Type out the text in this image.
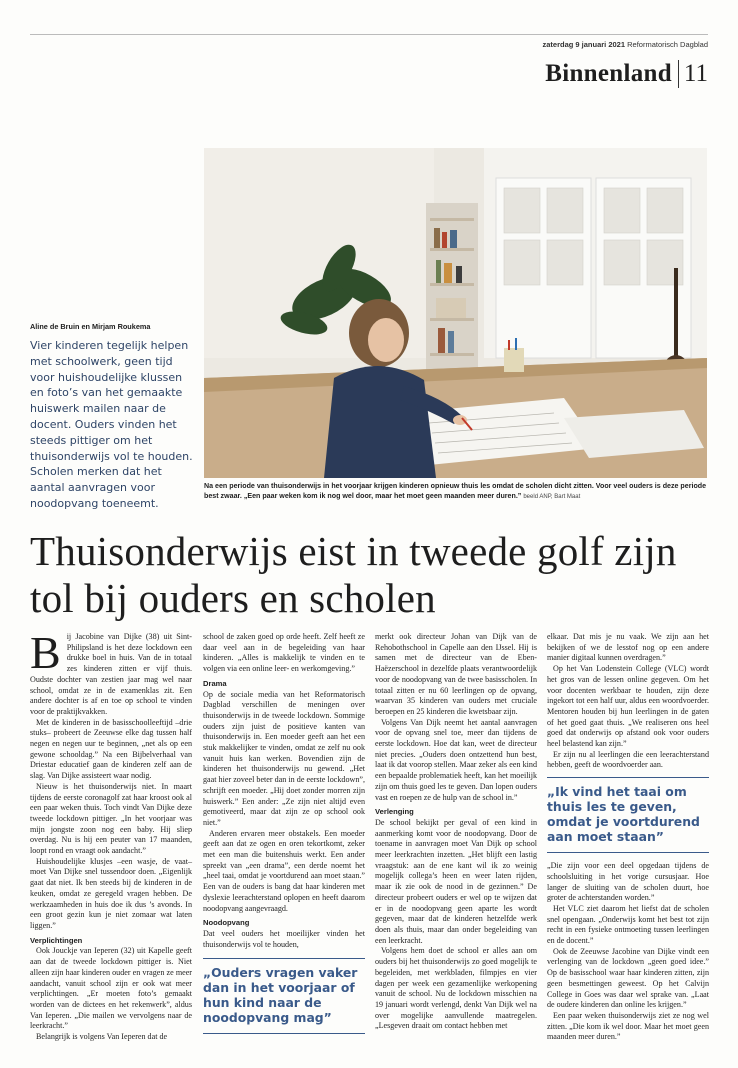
zaterdag 9 januari 2021 Reformatorisch Dagblad
Binnenland 11
Na een periode van thuisonderwijs in het voorjaar krijgen kinderen opnieuw thuis les omdat de scholen dicht zitten. Voor veel ouders is deze periode best zwaar. „Een paar weken kom ik nog wel door, maar het moet geen maanden meer duren.” beeld ANP, Bart Maat
Aline de Bruin en Mirjam Roukema
Vier kinderen tegelijk helpen met schoolwerk, geen tijd voor huishoudelijke klussen en foto’s van het gemaakte huiswerk mailen naar de docent. Ouders vinden het steeds pittiger om het thuisonderwijs vol te houden. Scholen merken dat het aantal aanvragen voor noodopvang toeneemt.
Thuisonderwijs eist in tweede golf zijn tol bij ouders en scholen

Bij Jacobine van Dijke (38) uit Sint-Philipsland is het deze lockdown een drukke boel in huis. Van de in totaal zes kinderen zitten er vijf thuis. Oudste dochter van zestien jaar mag wel naar school, omdat ze in de examenklas zit. Een andere dochter is af en toe op school te vinden voor de praktijkvakken.

Met de kinderen in de basisschoolleeftijd –drie stuks– probeert de Zeeuwse elke dag tussen half negen en negen uur te beginnen, „net als op een gewone schooldag.” Na een Bijbelverhaal van Driestar educatief gaan de kinderen zelf aan de slag. Van Dijke assisteert waar nodig.

Nieuw is het thuisonderwijs niet. In maart tijdens de eerste coronagolf zat haar kroost ook al een paar weken thuis. Toch vindt Van Dijke deze tweede lockdown pittiger. „In het voorjaar was mijn jongste zoon nog een baby. Hij sliep overdag. Nu is hij een peuter van 17 maanden, loopt rond en vraagt ook aandacht.”

Huishoudelijke klusjes –een wasje, de vaat– moet Van Dijke snel tussendoor doen. „Eigenlijk gaat dat niet. Ik ben steeds bij de kinderen in de keuken, omdat ze geregeld vragen hebben. De werkzaamheden in huis doe ik dus ’s avonds. In een groot gezin kun je niet zomaar wat laten liggen.”

Verplichtingen

Ook Jouckje van Ieperen (32) uit Kapelle geeft aan dat de tweede lockdown pittiger is. Niet alleen zijn haar kinderen ouder en vragen ze meer aandacht, vanuit school zijn er ook wat meer verplichtingen. „Er moeten foto’s gemaakt worden van de dictees en het rekenwerk”, aldus Van Ieperen. „Die mailen we vervolgens naar de leerkracht.”

Belangrijk is volgens Van Ieperen dat de

school de zaken goed op orde heeft. Zelf heeft ze daar veel aan in de begeleiding van haar kinderen. „Alles is makkelijk te vinden en te volgen via een online leer- en werkomgeving.”

Drama

Op de sociale media van het Reformatorisch Dagblad verschillen de meningen over thuisonderwijs in de tweede lockdown. Sommige ouders zijn juist de positieve kanten van thuisonderwijs in. Een moeder geeft aan het een stuk makkelijker te vinden, omdat ze zelf nu ook vanuit huis kan werken. Bovendien zijn de kinderen het thuisonderwijs nu gewend. „Het gaat hier zoveel beter dan in de eerste lockdown”, schrijft een moeder. „Hij doet zonder morren zijn huiswerk.” Een ander: „Ze zijn niet altijd even gemotiveerd, maar dat zijn ze op school ook niet.”

Anderen ervaren meer obstakels. Een moeder geeft aan dat ze ogen en oren tekortkomt, zeker met een man die buitenshuis werkt. Een ander spreekt van „een drama”, een derde noemt het „heel taai, omdat je voortdurend aan moet staan.” Een van de ouders is bang dat haar kinderen met dyslexie leerachterstand oplopen en heeft daarom noodopvang aangevraagd.

Noodopvang

Dat veel ouders het moeilijker vinden het thuisonderwijs vol te houden,

„Ouders vragen vaker dan in het voorjaar of hun kind naar de noodopvang mag”

merkt ook directeur Johan van Dijk van de Rehobothschool in Capelle aan den IJssel. Hij is samen met de directeur van de Eben-Haëzerschool in dezelfde plaats verantwoordelijk voor de noodopvang van de twee basisscholen. In totaal zitten er nu 60 leerlingen op de opvang, waarvan 35 kinderen van ouders met cruciale beroepen en 25 kinderen die kwetsbaar zijn.

Volgens Van Dijk neemt het aantal aanvragen voor de opvang snel toe, meer dan tijdens de eerste lockdown. Hoe dat kan, weet de directeur niet precies. „Ouders doen ontzettend hun best, laat ik dat voorop stellen. Maar zeker als een kind een bepaalde problematiek heeft, kan het moeilijk zijn om thuis goed les te geven. Dan lopen ouders vast en roepen ze de hulp van de school in.”

Verlenging

De school bekijkt per geval of een kind in aanmerking komt voor de noodopvang. Door de toename in aanvragen moet Van Dijk op school meer leerkrachten inzetten. „Het blijft een lastig vraagstuk: aan de ene kant wil ik zo weinig mogelijk collega’s heen en weer laten rijden, maar ik zie ook de nood in de gezinnen.” De directeur probeert ouders er wel op te wijzen dat er in de noodopvang geen aparte les wordt gegeven, maar dat de kinderen hetzelfde werk doen als thuis, maar dan onder begeleiding van een leerkracht.

Volgens hem doet de school er alles aan om ouders bij het thuisonderwijs zo goed mogelijk te begeleiden, met werkbladen, filmpjes en vier dagen per week een gezamenlijke werkopening vanuit de school. Nu de lockdown misschien na 19 januari wordt verlengd, denkt Van Dijk wel na over mogelijke aanvullende maatregelen. „Lesgeven draait om contact hebben met

elkaar. Dat mis je nu vaak. We zijn aan het bekijken of we de lesstof nog op een andere manier digitaal kunnen overdragen.”

Op het Van Lodenstein College (VLC) wordt het gros van de lessen online gegeven. Om het voor docenten werkbaar te houden, zijn deze ingekort tot een half uur, aldus een woordvoerder. Mentoren houden bij hun leerlingen in de gaten of het goed gaat thuis. „We realiseren ons heel goed dat onderwijs op afstand ook voor ouders heel belastend kan zijn.”

Er zijn nu al leerlingen die een leerachterstand hebben, geeft de woordvoerder aan.

„Ik vind het taai om thuis les te geven, omdat je voortdurend aan moet staan”

„Die zijn voor een deel opgedaan tijdens de schoolsluiting in het vorige cursusjaar. Hoe langer de sluiting van de scholen duurt, hoe groter de achterstanden worden.”

Het VLC ziet daarom het liefst dat de scholen snel opengaan. „Onderwijs komt het best tot zijn recht in een fysieke ontmoeting tussen leerlingen en de docent.”

Ook de Zeeuwse Jacobine van Dijke vindt een verlenging van de lockdown „geen goed idee.” Op de basisschool waar haar kinderen zitten, zijn geen besmettingen geweest. Op het Calvijn College in Goes was daar wel sprake van. „Laat de oudere kinderen dan online les krijgen.”

Een paar weken thuisonderwijs ziet ze nog wel zitten. „Die kom ik wel door. Maar het moet geen maanden meer duren.”
